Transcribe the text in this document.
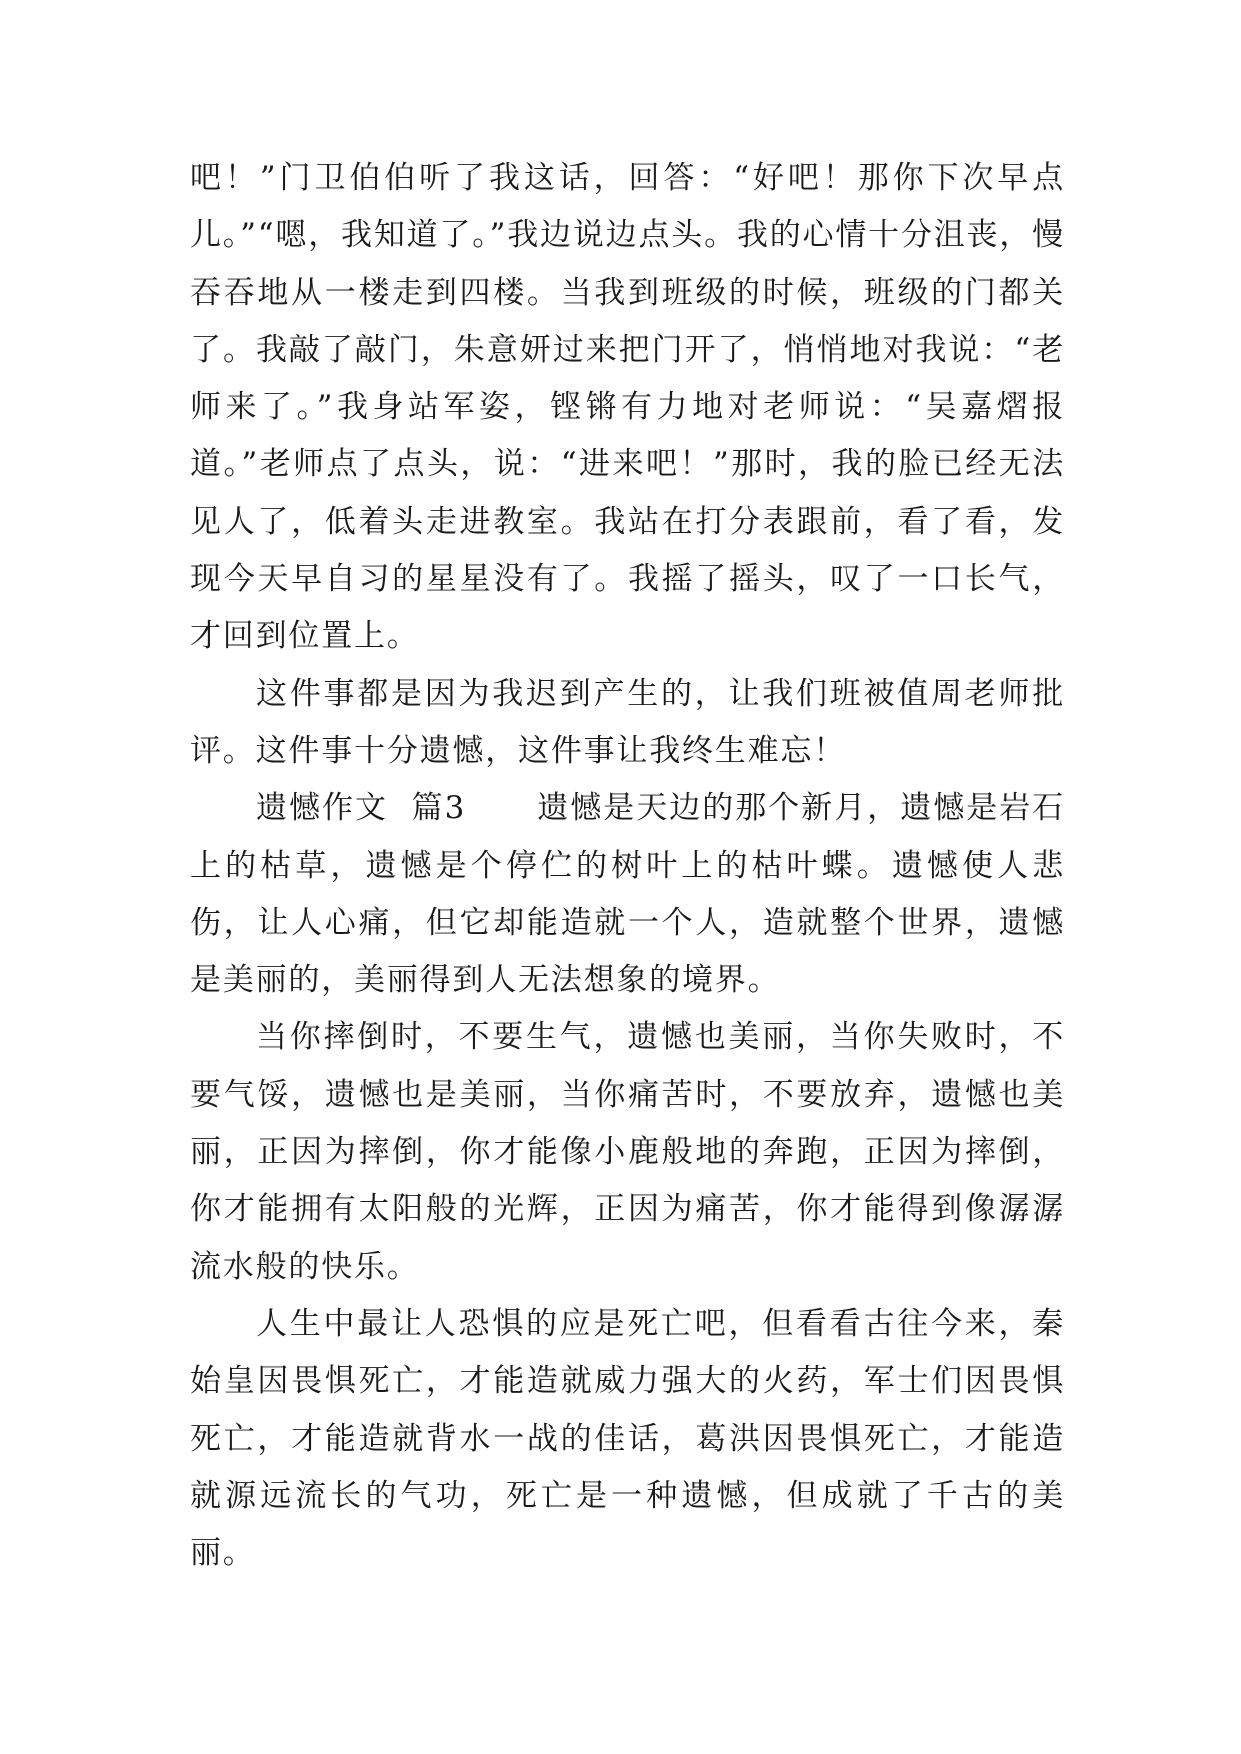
吧！”门卫伯伯听了我这话，回答：“好吧！那你下次早点儿。”“嗯，我知道了。”我边说边点头。我的心情十分沮丧，慢吞吞地从一楼走到四楼。当我到班级的时候，班级的门都关了。我敲了敲门，朱意妍过来把门开了，悄悄地对我说：“老师来了。”我身站军姿，铿锵有力地对老师说：“吴嘉熠报道。”老师点了点头，说：“进来吧！”那时，我的脸已经无法见人了，低着头走进教室。我站在打分表跟前，看了看，发现今天早自习的星星没有了。我摇了摇头，叹了一口长气，才回到位置上。

这件事都是因为我迟到产生的，让我们班被值周老师批评。这件事十分遗憾，这件事让我终生难忘！

遗憾作文  篇3 遗憾是天边的那个新月，遗憾是岩石上的枯草，遗憾是个停伫的树叶上的枯叶蝶。遗憾使人悲伤，让人心痛，但它却能造就一个人，造就整个世界，遗憾是美丽的，美丽得到人无法想象的境界。

当你摔倒时，不要生气，遗憾也美丽，当你失败时，不要气馁，遗憾也是美丽，当你痛苦时，不要放弃，遗憾也美丽，正因为摔倒，你才能像小鹿般地的奔跑，正因为摔倒，你才能拥有太阳般的光辉，正因为痛苦，你才能得到像潺潺流水般的快乐。

人生中最让人恐惧的应是死亡吧，但看看古往今来，秦始皇因畏惧死亡，才能造就威力强大的火药，军士们因畏惧死亡，才能造就背水一战的佳话，葛洪因畏惧死亡，才能造就源远流长的气功，死亡是一种遗憾，但成就了千古的美丽。
